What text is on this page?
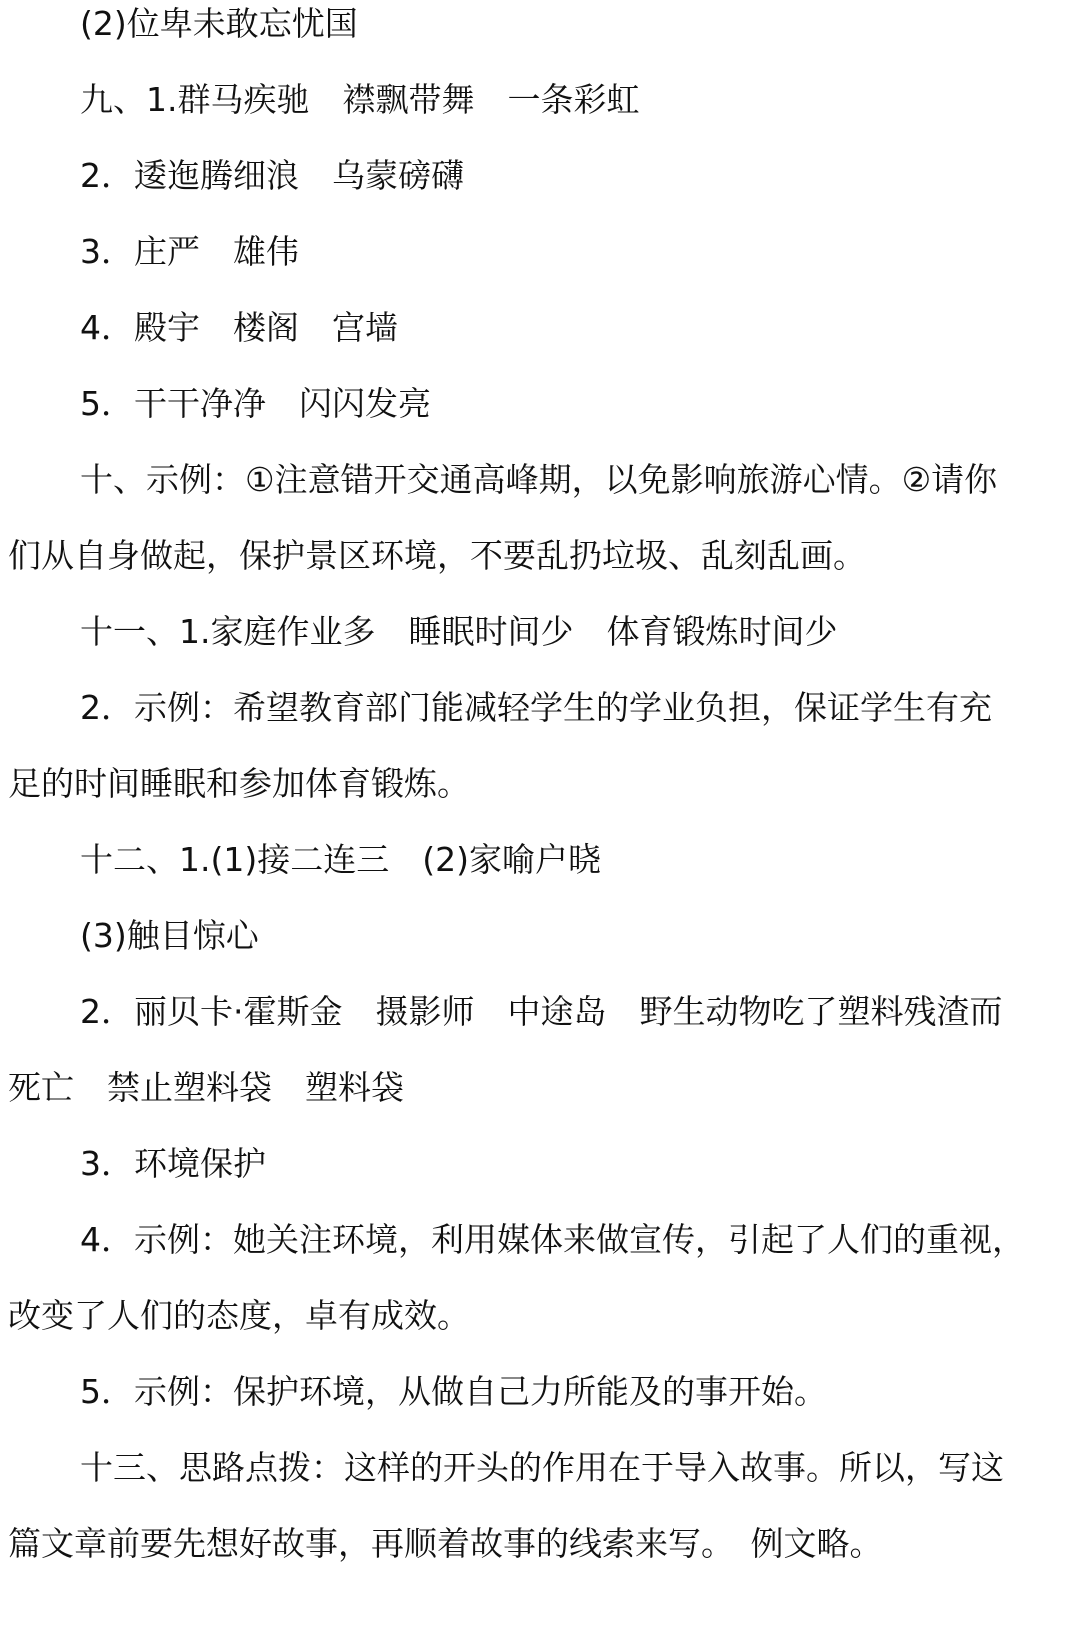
(2)位卑未敢忘忧国
九、1.群马疾驰　襟飘带舞　一条彩虹
2．逶迤腾细浪　乌蒙磅礴
3．庄严　雄伟
4．殿宇　楼阁　宫墙
5．干干净净　闪闪发亮
十、示例：①注意错开交通高峰期，以免影响旅游心情。②请你
们从自身做起，保护景区环境，不要乱扔垃圾、乱刻乱画。
十一、1.家庭作业多　睡眠时间少　体育锻炼时间少
2．示例：希望教育部门能减轻学生的学业负担，保证学生有充
足的时间睡眠和参加体育锻炼。
十二、1.(1)接二连三　(2)家喻户晓
(3)触目惊心
2．丽贝卡·霍斯金　摄影师　中途岛　野生动物吃了塑料残渣而
死亡　禁止塑料袋　塑料袋
3．环境保护
4．示例：她关注环境，利用媒体来做宣传，引起了人们的重视，
改变了人们的态度，卓有成效。
5．示例：保护环境，从做自己力所能及的事开始。
十三、思路点拨：这样的开头的作用在于导入故事。所以，写这
篇文章前要先想好故事，再顺着故事的线索来写。　例文略。
